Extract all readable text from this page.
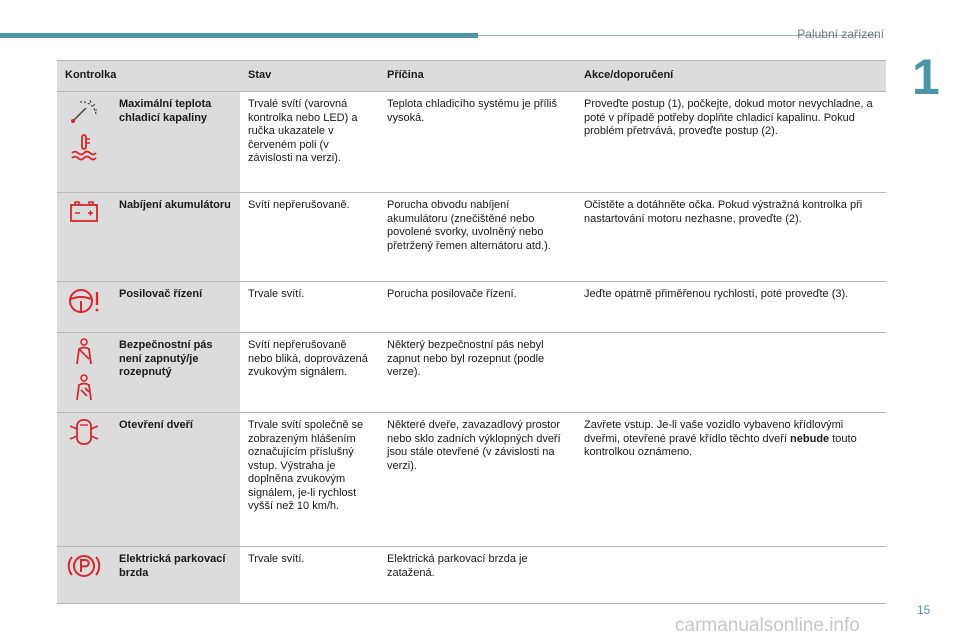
Palubní zařízení
1
15
carmanualsonline.info
Kontrolka		Stav	Příčina	Akce/doporučení

	Maximální teplota chladicí kapaliny	Trvalé svítí (varovná kontrolka nebo LED) a ručka ukazatele v červeném poli (v závislosti na verzi).	Teplota chladicího systému je příliš vysoká.	Proveďte postup (1), počkejte, dokud motor nevychladne, a poté v případě potřeby doplňte chladicí kapalinu. Pokud problém přetrvává, proveďte postup (2).

	Nabíjení akumulátoru	Svítí nepřerušovaně.	Porucha obvodu nabíjení akumulátoru (znečištěné nebo povolené svorky, uvolněný nebo přetržený řemen alternátoru atd.).	Očistěte a dotáhněte očka. Pokud výstražná kontrolka při nastartování motoru nezhasne, proveďte (2).

	Posilovač řízení	Trvale svítí.	Porucha posilovače řízení.	Jeďte opatrně přiměřenou rychlostí, poté proveďte (3).

	Bezpečnostní pás není zapnutý/je rozepnutý	Svítí nepřerušovaně nebo bliká, doprovázená zvukovým signálem.	Některý bezpečnostní pás nebyl zapnut nebo byl rozepnut (podle verze).	

	Otevření dveří	Trvale svítí společně se zobrazeným hlášením označujícím příslušný vstup. Výstraha je doplněna zvukovým signálem, je-li rychlost vyšší než 10 km/h.	Některé dveře, zavazadlový prostor nebo sklo zadních výklopných dveří jsou stále otevřené (v závislosti na verzi).	Zavřete vstup. Je-li vaše vozidlo vybaveno křídlovými dveřmi, otevřené pravé křídlo těchto dveří nebude touto kontrolkou oznámeno.

	Elektrická parkovací brzda	Trvale svítí.	Elektrická parkovací brzda je zatažená.	
